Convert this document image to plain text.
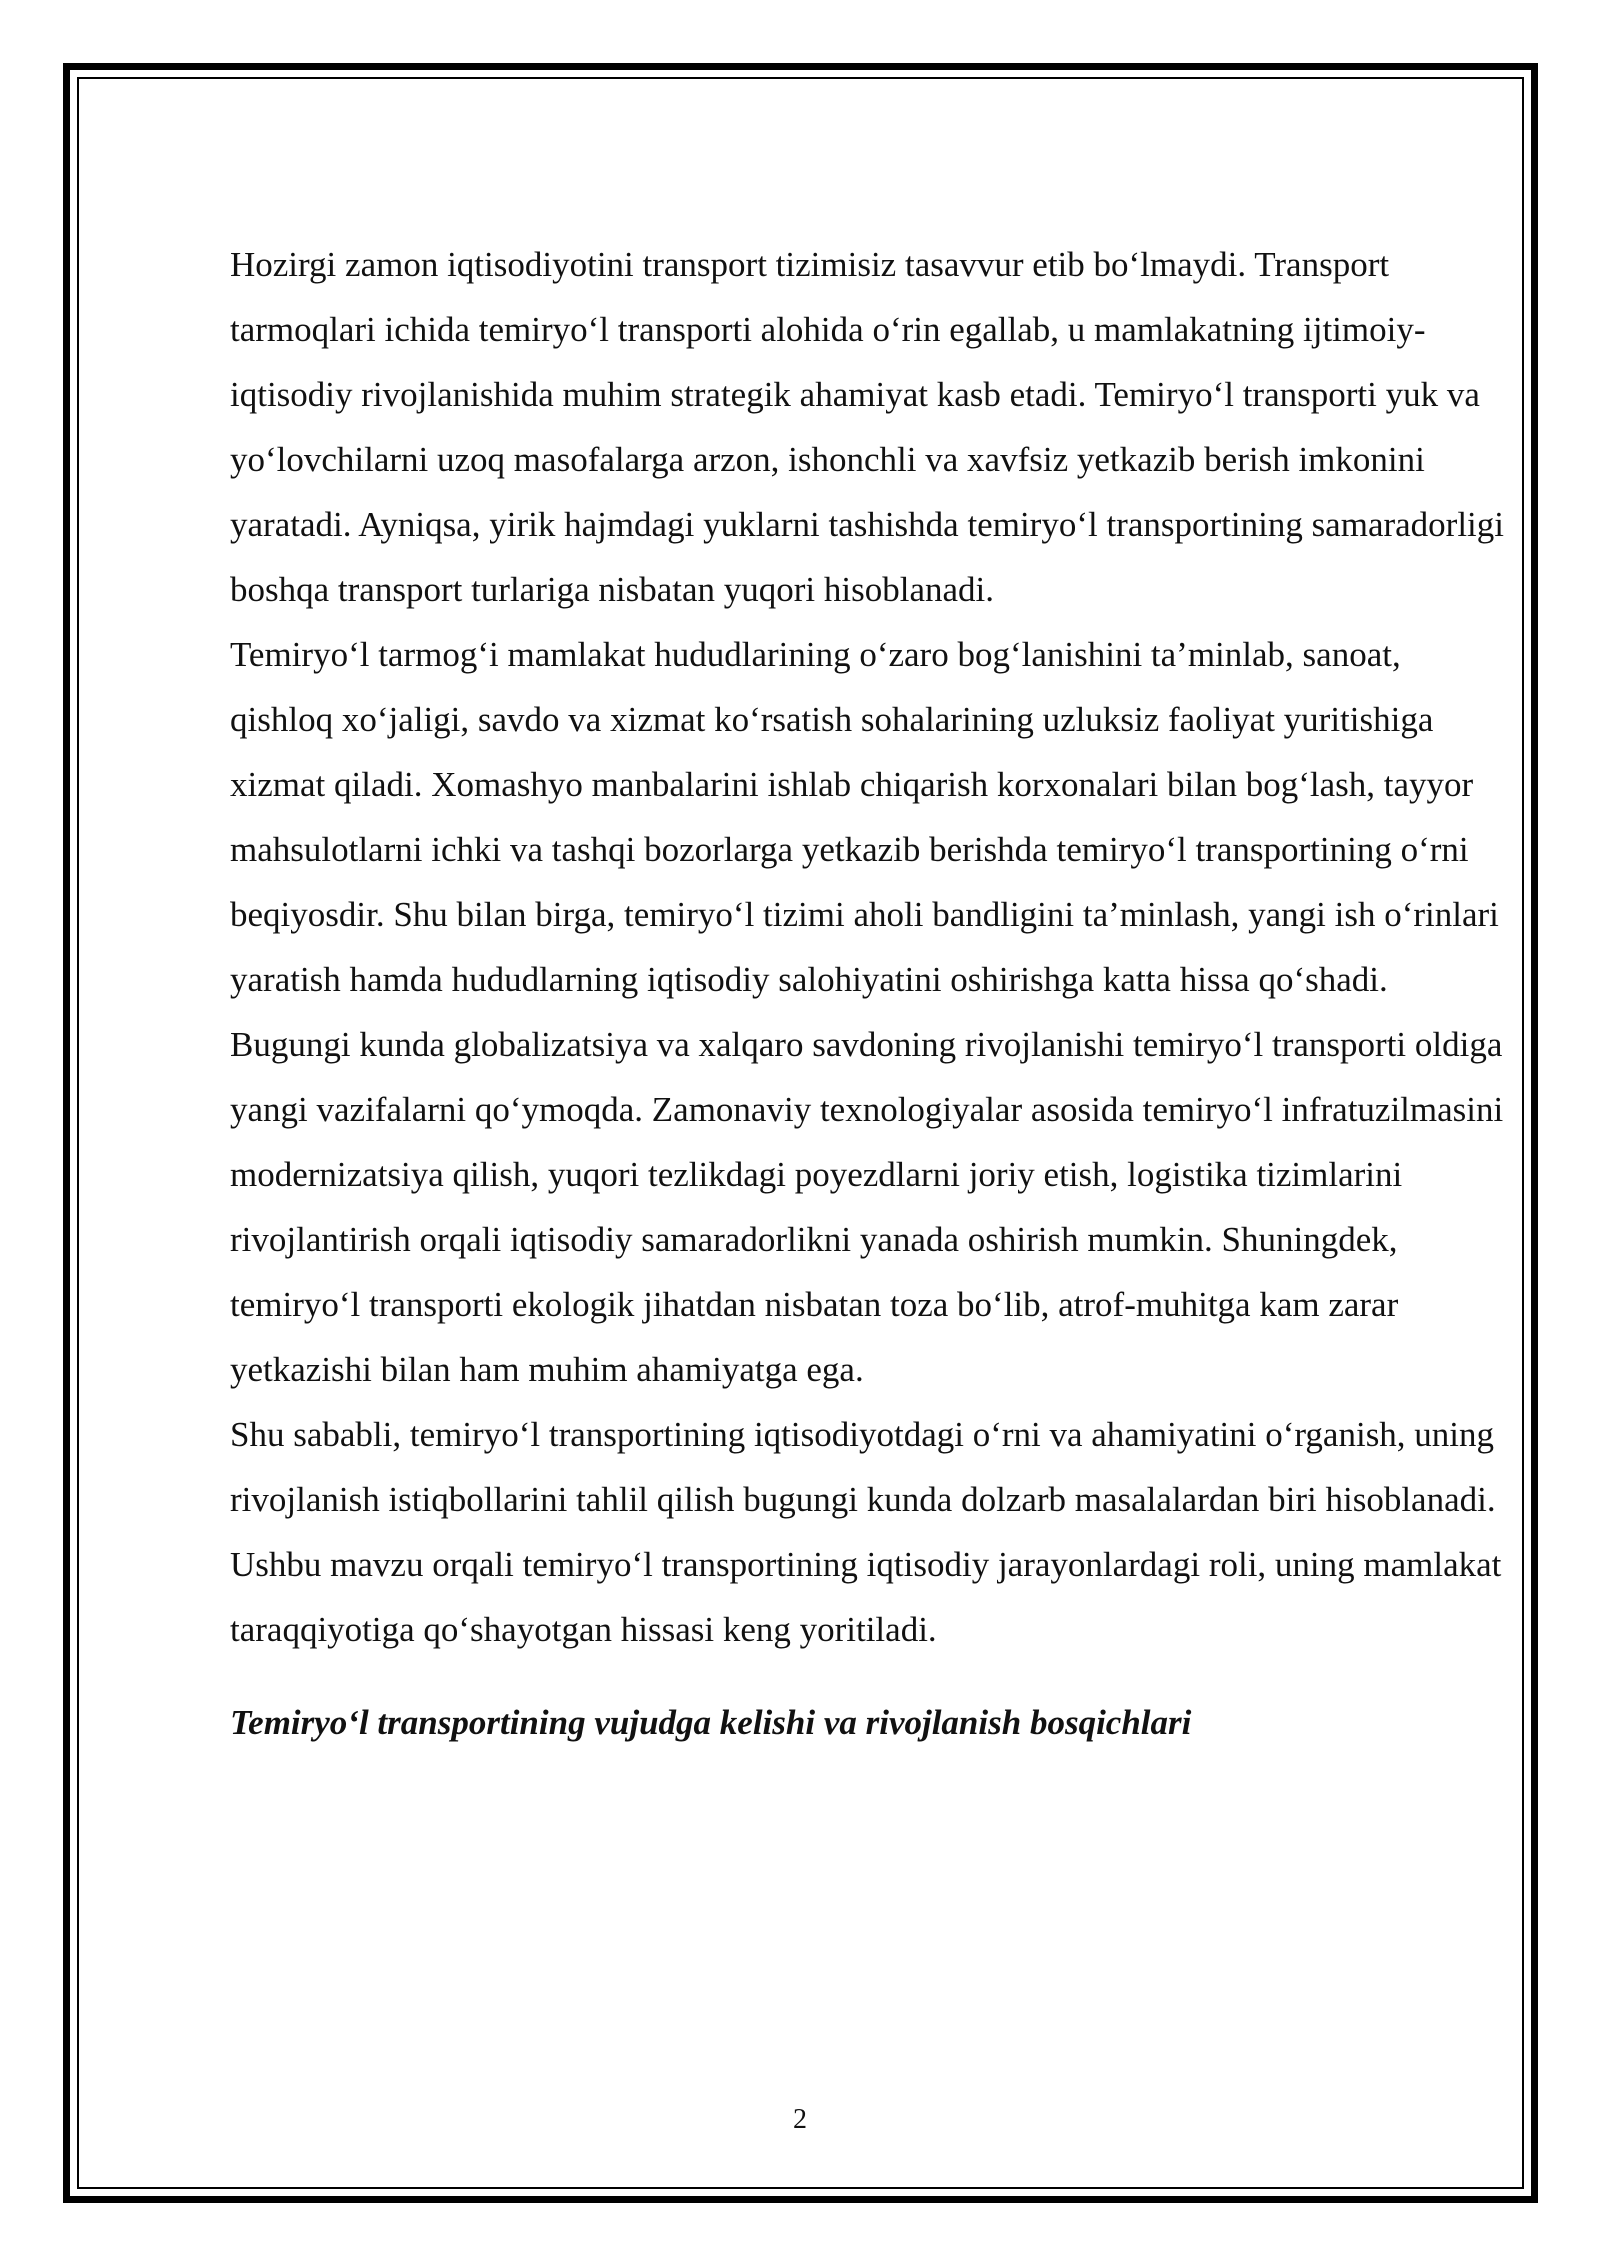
Hozirgi zamon iqtisodiyotini transport tizimisiz tasavvur etib bo‘lmaydi. Transport tarmoqlari ichida temiryo‘l transporti alohida o‘rin egallab, u mamlakatning ijtimoiy-iqtisodiy rivojlanishida muhim strategik ahamiyat kasb etadi. Temiryo‘l transporti yuk va yo‘lovchilarni uzoq masofalarga arzon, ishonchli va xavfsiz yetkazib berish imkonini yaratadi. Ayniqsa, yirik hajmdagi yuklarni tashishda temiryo‘l transportining samaradorligi boshqa transport turlariga nisbatan yuqori hisoblanadi.

Temiryo‘l tarmog‘i mamlakat hududlarining o‘zaro bog‘lanishini ta’minlab, sanoat, qishloq xo‘jaligi, savdo va xizmat ko‘rsatish sohalarining uzluksiz faoliyat yuritishiga xizmat qiladi. Xomashyo manbalarini ishlab chiqarish korxonalari bilan bog‘lash, tayyor mahsulotlarni ichki va tashqi bozorlarga yetkazib berishda temiryo‘l transportining o‘rni beqiyosdir. Shu bilan birga, temiryo‘l tizimi aholi bandligini ta’minlash, yangi ish o‘rinlari yaratish hamda hududlarning iqtisodiy salohiyatini oshirishga katta hissa qo‘shadi.

Bugungi kunda globalizatsiya va xalqaro savdoning rivojlanishi temiryo‘l transporti oldiga yangi vazifalarni qo‘ymoqda. Zamonaviy texnologiyalar asosida temiryo‘l infratuzilmasini modernizatsiya qilish, yuqori tezlikdagi poyezdlarni joriy etish, logistika tizimlarini rivojlantirish orqali iqtisodiy samaradorlikni yanada oshirish mumkin. Shuningdek, temiryo‘l transporti ekologik jihatdan nisbatan toza bo‘lib, atrof-muhitga kam zarar yetkazishi bilan ham muhim ahamiyatga ega.

Shu sababli, temiryo‘l transportining iqtisodiyotdagi o‘rni va ahamiyatini o‘rganish, uning rivojlanish istiqbollarini tahlil qilish bugungi kunda dolzarb masalalardan biri hisoblanadi. Ushbu mavzu orqali temiryo‘l transportining iqtisodiy jarayonlardagi roli, uning mamlakat taraqqiyotiga qo‘shayotgan hissasi keng yoritiladi.

Temiryo‘l transportining vujudga kelishi va rivojlanish bosqichlari

2
